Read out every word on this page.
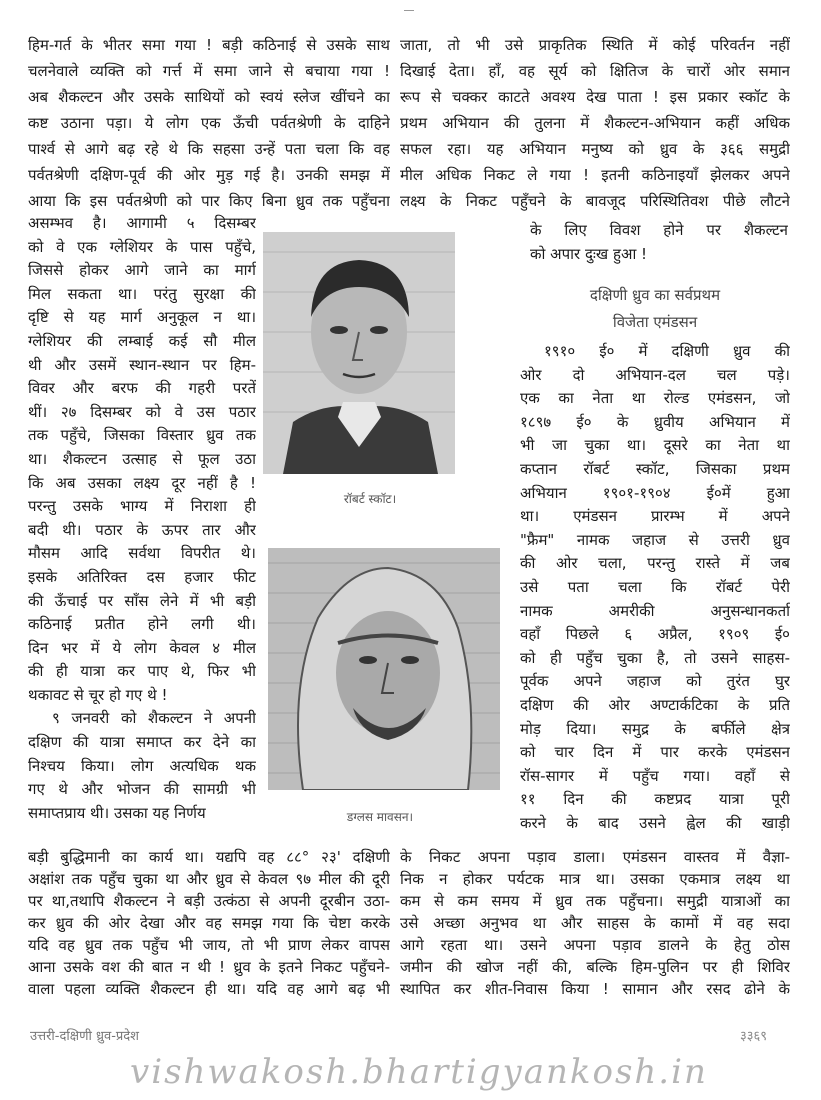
हिम-गर्त के भीतर समा गया ! बड़ी कठिनाई से उसके साथ
चलनेवाले व्यक्ति को गर्त्त में समा जाने से बचाया गया !
अब शैकल्टन और उसके साथियों को स्वयं स्लेज खींचने का
कष्ट उठाना पड़ा। ये लोग एक ऊँची पर्वतश्रेणी के दाहिने
पार्श्व से आगे बढ़ रहे थे कि सहसा उन्हें पता चला कि वह
पर्वतश्रेणी दक्षिण-पूर्व की ओर मुड़ गई है। उनकी समझ में
आया कि इस पर्वतश्रेणी को पार किए बिना ध्रुव तक पहुँचना
असम्भव है। आगामी ५ दिसम्बर
को वे एक ग्लेशियर के पास पहुँचे,
जिससे होकर आगे जाने का मार्ग
मिल सकता था। परंतु सुरक्षा की
दृष्टि से यह मार्ग अनुकूल न था।
ग्लेशियर की लम्बाई कई सौ मील
थी और उसमें स्थान-स्थान पर हिम-
विवर और बरफ की गहरी परतें
थीं। २७ दिसम्बर को वे उस पठार
तक पहुँचे, जिसका विस्तार ध्रुव तक
था। शैकल्टन उत्साह से फूल उठा
कि अब उसका लक्ष्य दूर नहीं है !
परन्तु उसके भाग्य में निराशा ही
बदी थी। पठार के ऊपर तार और
मौसम आदि सर्वथा विपरीत थे।
इसके अतिरिक्त दस हजार फीट
की ऊँचाई पर साँस लेने में भी बड़ी
कठिनाई प्रतीत होने लगी थी।
दिन भर में ये लोग केवल ४ मील
की ही यात्रा कर पाए थे, फिर भी
थकावट से चूर हो गए थे !
९ जनवरी को शैकल्टन ने अपनी
दक्षिण की यात्रा समाप्त कर देने का
निश्चय किया। लोग अत्यधिक थक
गए थे और भोजन की सामग्री भी
समाप्तप्राय थी। उसका यह निर्णय
बड़ी बुद्धिमानी का कार्य था। यद्यपि वह ८८° २३' दक्षिणी
अक्षांश तक पहुँच चुका था और ध्रुव से केवल ९७ मील की दूरी
पर था,तथापि शैकल्टन ने बड़ी उत्कंठा से अपनी दूरबीन उठा-
कर ध्रुव की ओर देखा और वह समझ गया कि चेष्टा करके
यदि वह ध्रुव तक पहुँच भी जाय, तो भी प्राण लेकर वापस
आना उसके वश की बात न थी ! ध्रुव के इतने निकट पहुँचने-
वाला पहला व्यक्ति शैकल्टन ही था। यदि वह आगे बढ़ भी
जाता, तो भी उसे प्राकृतिक स्थिति में कोई परिवर्तन नहीं
दिखाई देता। हाँ, वह सूर्य को क्षितिज के चारों ओर समान
रूप से चक्कर काटते अवश्य देख पाता ! इस प्रकार स्कॉट के
प्रथम अभियान की तुलना में शैकल्टन-अभियान कहीं अधिक
सफल रहा। यह अभियान मनुष्य को ध्रुव के ३६६ समुद्री
मील अधिक निकट ले गया ! इतनी कठिनाइयाँ झेलकर अपने
लक्ष्य के निकट पहुँचने के बावजूद परिस्थितिवश पीछे लौटने
के लिए विवश होने पर शैकल्टन
को अपार दुःख हुआ !
दक्षिणी ध्रुव का सर्वप्रथम
विजेता एमंडसन
१९१० ई० में दक्षिणी ध्रुव की
ओर दो अभियान-दल चल पड़े।
एक का नेता था रोल्ड एमंडसन, जो
१८९७ ई० के ध्रुवीय अभियान में
भी जा चुका था। दूसरे का नेता था
कप्तान रॉबर्ट स्कॉट, जिसका प्रथम
अभियान १९०१-१९०४ ई०में हुआ
था। एमंडसन प्रारम्भ में अपने
"फ्रैम" नामक जहाज से उत्तरी ध्रुव
की ओर चला, परन्तु रास्ते में जब
उसे पता चला कि रॉबर्ट पेरी
नामक अमरीकी अनुसन्धानकर्ता
वहाँ पिछले ६ अप्रैल, १९०९ ई०
को ही पहुँच चुका है, तो उसने साहस-
पूर्वक अपने जहाज को तुरंत घुर
दक्षिण की ओर अण्टार्कटिका के प्रति
मोड़ दिया। समुद्र के बर्फीले क्षेत्र
को चार दिन में पार करके एमंडसन
रॉस-सागर में पहुँच गया। वहाँ से
११ दिन की कष्टप्रद यात्रा पूरी
करने के बाद उसने ह्वेल की खाड़ी
के निकट अपना पड़ाव डाला। एमंडसन वास्तव में वैज्ञा-
निक न होकर पर्यटक मात्र था। उसका एकमात्र लक्ष्य था
कम से कम समय में ध्रुव तक पहुँचना। समुद्री यात्राओं का
उसे अच्छा अनुभव था और साहस के कामों में वह सदा
आगे रहता था। उसने अपना पड़ाव डालने के हेतु ठोस
जमीन की खोज नहीं की, बल्कि हिम-पुलिन पर ही शिविर
स्थापित कर शीत-निवास किया ! सामान और रसद ढोने के
रॉबर्ट स्कॉट।
डग्लस मावसन।
उत्तरी-दक्षिणी ध्रुव-प्रदेश
vishwakosh.bhartigyankosh.in
३३६९
